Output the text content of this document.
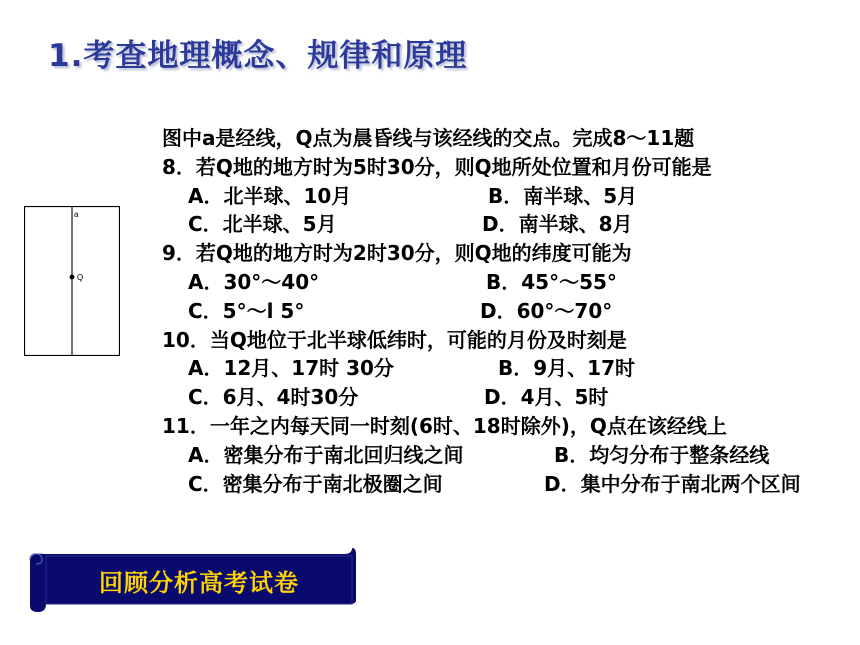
1.考查地理概念、规律和原理
图中a是经线，Q点为晨昏线与该经线的交点。完成8～11题
8．若Q地的地方时为5时30分，则Q地所处位置和月份可能是
A．北半球、10月	B．南半球、5月
C．北半球、5月	D．南半球、8月
9．若Q地的地方时为2时30分，则Q地的纬度可能为
A．30°～40°	B．45°～55°
C．5°～l 5°	D．60°～70°
10．当Q地位于北半球低纬时，可能的月份及时刻是
A．12月、17时 30分	B．9月、17时
C．6月、4时30分	D．4月、5时
11．一年之内每天同一时刻(6时、18时除外)，Q点在该经线上
A．密集分布于南北回归线之间	B．均匀分布于整条经线
C．密集分布于南北极圈之间	D．集中分布于南北两个区间
a
Q
回顾分析高考试卷
